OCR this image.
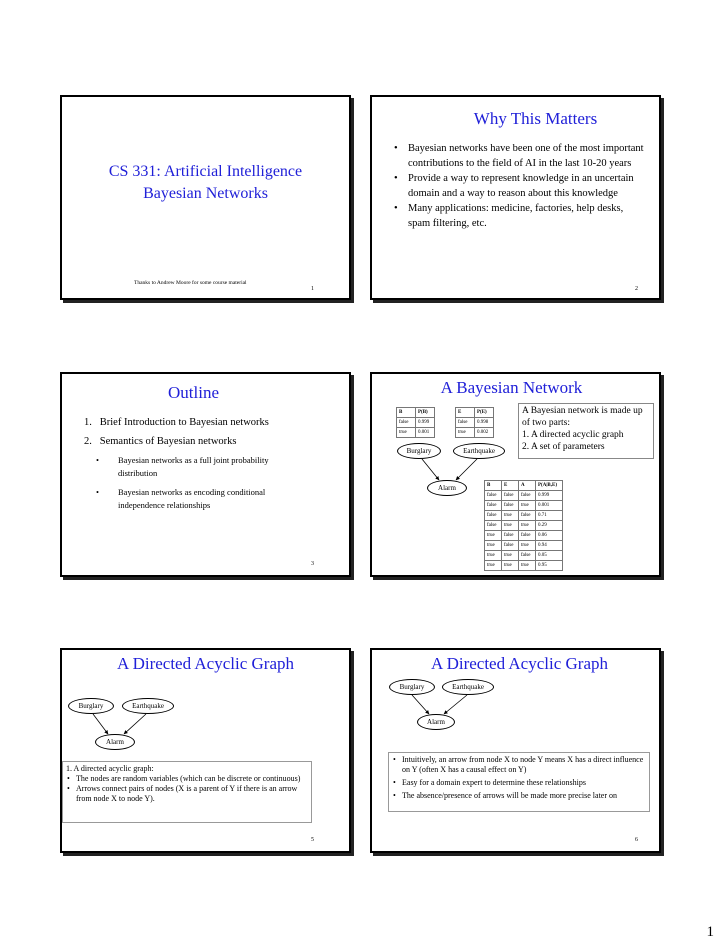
CS 331: Artificial Intelligence
Bayesian Networks
Thanks to Andrew Moore for some course material
1
Why This Matters
• Bayesian networks have been one of the most important contributions to the field of AI in the last 10-20 years
• Provide a way to represent knowledge in an uncertain domain and a way to reason about this knowledge
• Many applications: medicine, factories, help desks, spam filtering, etc.
2
Outline
1.   Brief Introduction to Bayesian networks
2.   Semantics of Bayesian networks
• Bayesian networks as a full joint probability distribution
• Bayesian networks as encoding conditional independence relationships
3
A Bayesian Network
B	P(B)
false	0.999
true	0.001
E	P(E)
false	0.998
true	0.002
A Bayesian network is made up of two parts:
1. A directed acyclic graph
2. A set of parameters
Burglary	Earthquake
Alarm	B	E	A	P(A|B,E)
false	false	false	0.999
false	false	true	0.001
false	true	false	0.71
false	true	true	0.29
true	false	false	0.06
true	false	true	0.94
true	true	false	0.05
true	true	true	0.95
A Directed Acyclic Graph
Burglary	Earthquake
Alarm
1. A directed acyclic graph:
• The nodes are random variables (which can be discrete or continuous)
• Arrows connect pairs of nodes (X is a parent of Y if there is an arrow from node X to node Y).
5
A Directed Acyclic Graph
Burglary	Earthquake
Alarm
• Intuitively, an arrow from node X to node Y means X has a direct influence on Y (often X has a causal effect on Y)
• Easy for a domain expert to determine these relationships
• The absence/presence of arrows will be made more precise later on
6
1
